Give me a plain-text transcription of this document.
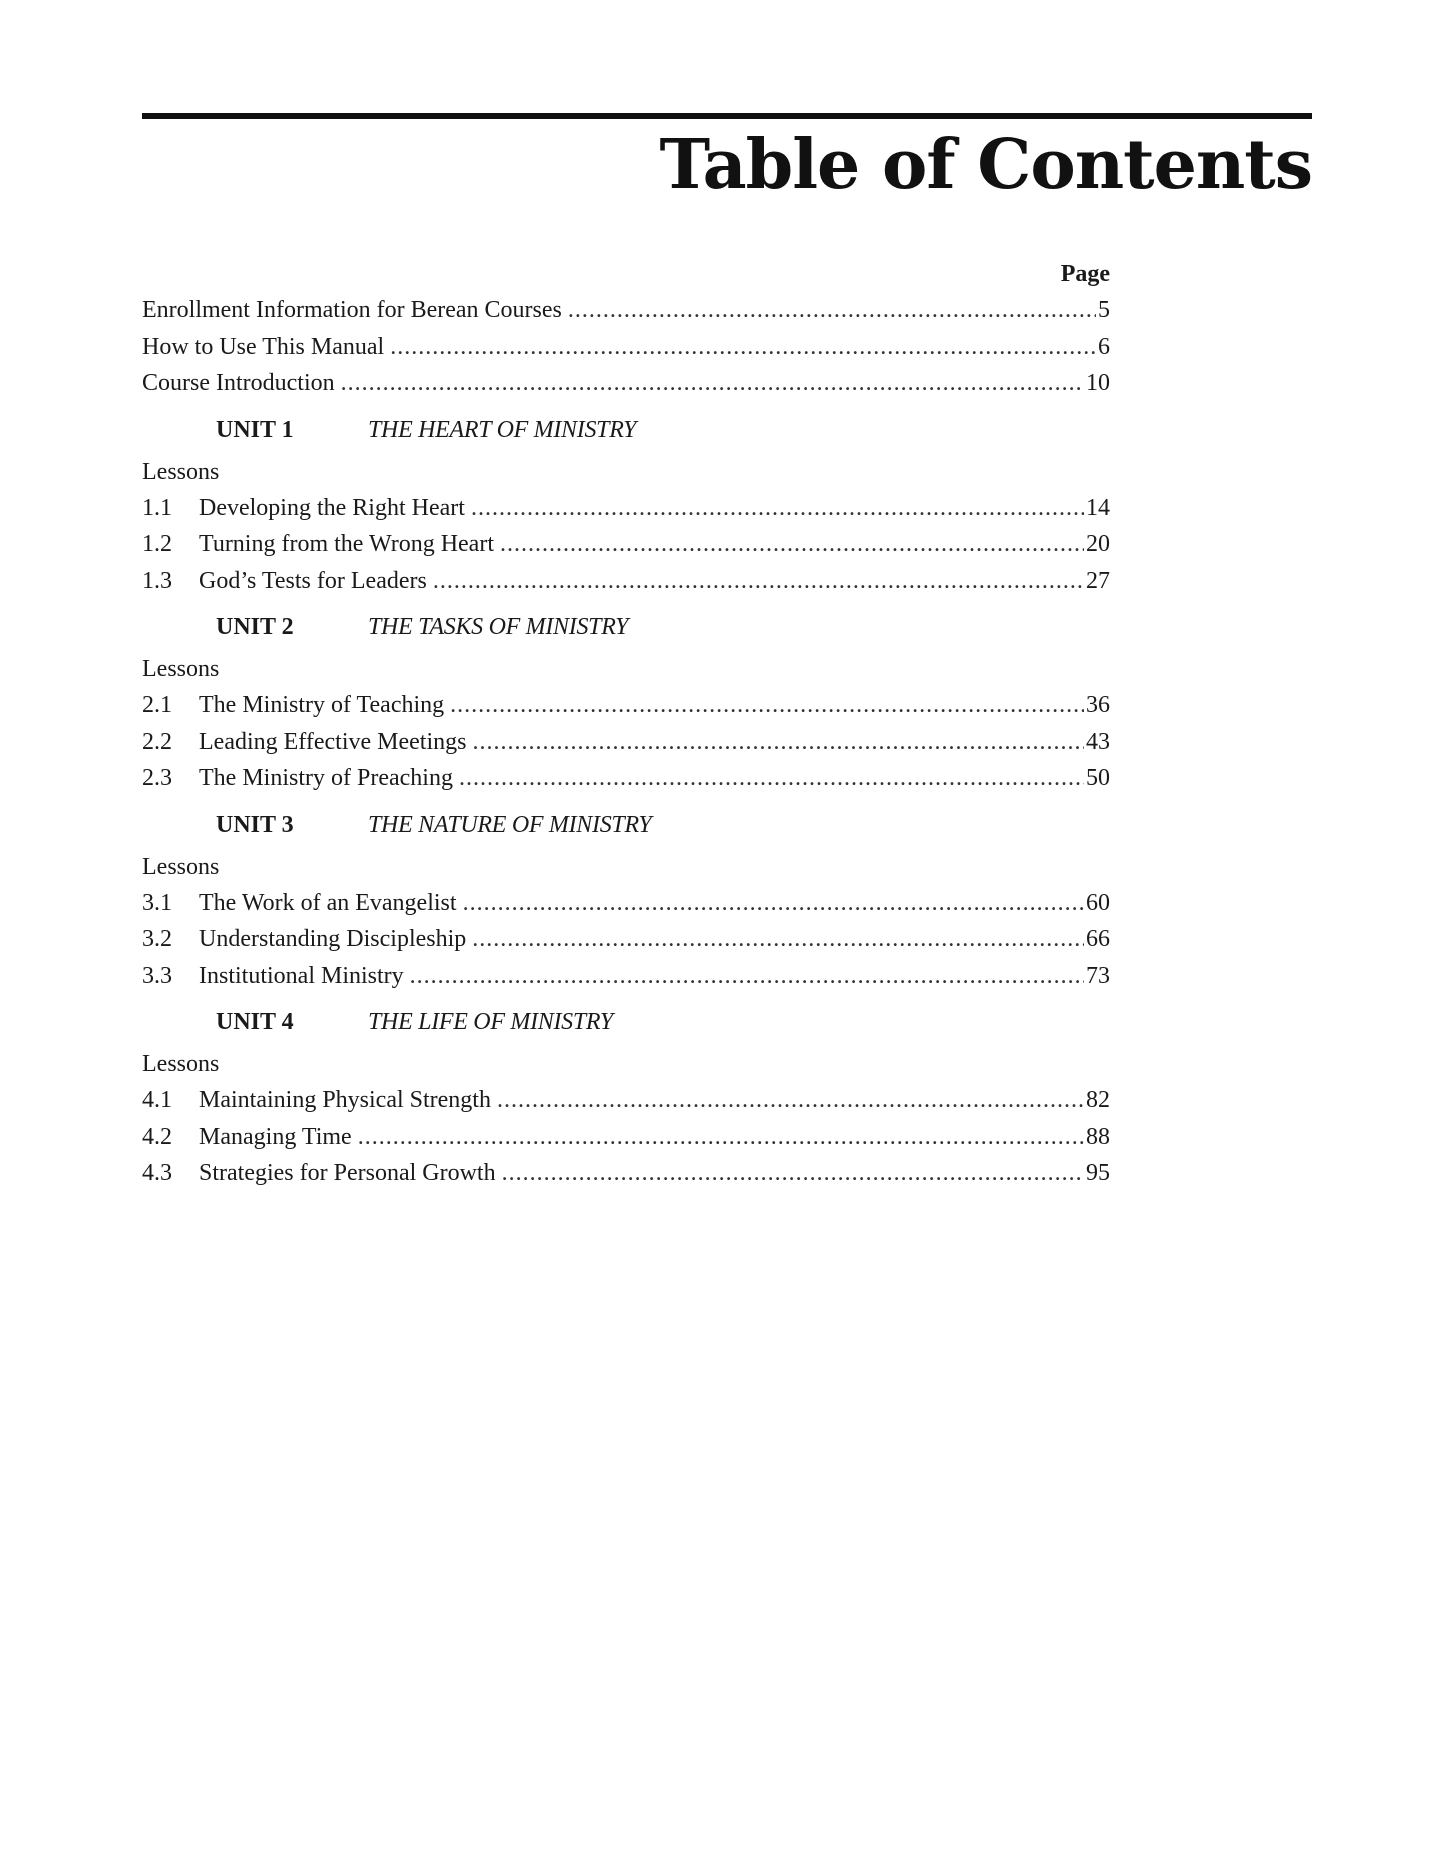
Table of Contents
Page
Enrollment Information for Berean Courses .....	5
How to Use This Manual .....	6
Course Introduction .....	10
UNIT 1	THE HEART OF MINISTRY
Lessons
1.1	Developing the Right Heart .....	14
1.2	Turning from the Wrong Heart .....	20
1.3	God’s Tests for Leaders .....	27
UNIT 2	THE TASKS OF MINISTRY
Lessons
2.1	The Ministry of Teaching .....	36
2.2	Leading Effective Meetings .....	43
2.3	The Ministry of Preaching .....	50
UNIT 3	THE NATURE OF MINISTRY
Lessons
3.1	The Work of an Evangelist .....	60
3.2	Understanding Discipleship .....	66
3.3	Institutional Ministry .....	73
UNIT 4	THE LIFE OF MINISTRY
Lessons
4.1	Maintaining Physical Strength .....	82
4.2	Managing Time .....	88
4.3	Strategies for Personal Growth .....	95
